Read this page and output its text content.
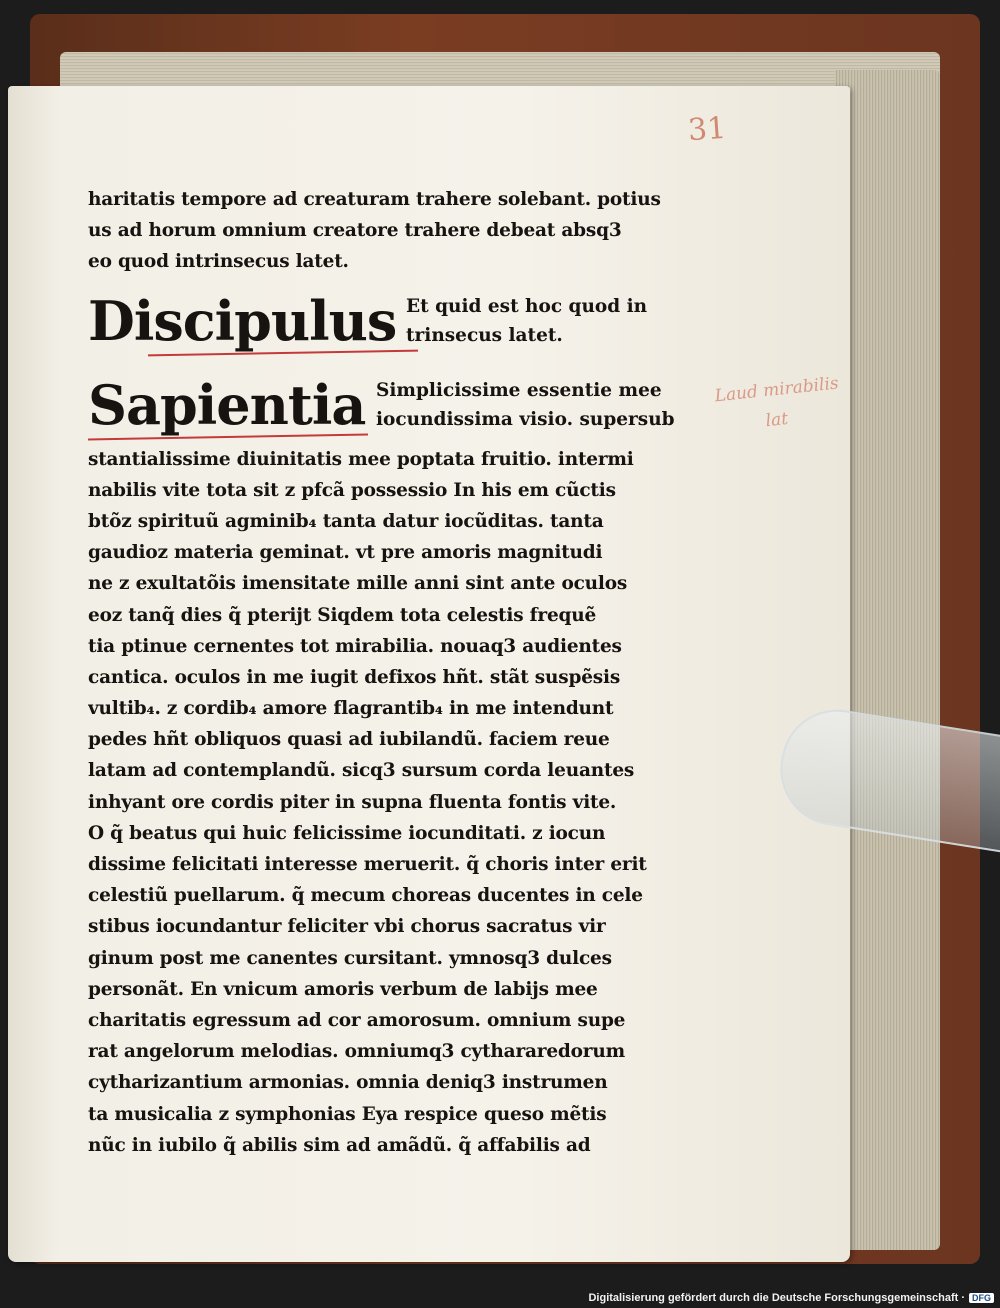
31
Laud mirabilis
lat
haritatis tempore ad creaturam trahere solebant. potius
us ad horum omnium creatore trahere debeat absq3
eo quod intrinsecus latet.
Discipulus Et quid est hoc quod in
trinsecus latet.
Sapientia Simplicissime essentie mee
iocundissima visio. supersub
stantialissime diuinitatis mee poptata fruitio. intermi
nabilis vite tota sit z pfcã possessio In his em cũctis
btõz spirituũ agminib₄ tanta datur iocũditas. tanta
gaudioz materia geminat. vt pre amoris magnitudi
ne z exultatõis imensitate mille anni sint ante oculos
eoz tanq̃ dies q̃ pterijt Siqdem tota celestis frequẽ
tia ptinue cernentes tot mirabilia. nouaq3 audientes
cantica. oculos in me iugit defixos hñt. stãt suspẽsis
vultib₄. z cordib₄ amore flagrantib₄ in me intendunt
pedes hñt obliquos quasi ad iubilandũ. faciem reue
latam ad contemplandũ. sicq3 sursum corda leuantes
inhyant ore cordis piter in supna fluenta fontis vite.
O q̃ beatus qui huic felicissime iocunditati. z iocun
dissime felicitati interesse meruerit. q̃ choris inter erit
celestiũ puellarum. q̃ mecum choreas ducentes in cele
stibus iocundantur feliciter vbi chorus sacratus vir
ginum post me canentes cursitant. ymnosq3 dulces
personãt. En vnicum amoris verbum de labijs mee
charitatis egressum ad cor amorosum. omnium supe
rat angelorum melodias. omniumq3 cythararedorum
cytharizantium armonias. omnia deniq3 instrumen
ta musicalia z symphonias Eya respice queso mẽtis
nũc in iubilo q̃ abilis sim ad amãdũ. q̃ affabilis ad
Digitalisierung gefördert durch die Deutsche Forschungsgemeinschaft · DFG
